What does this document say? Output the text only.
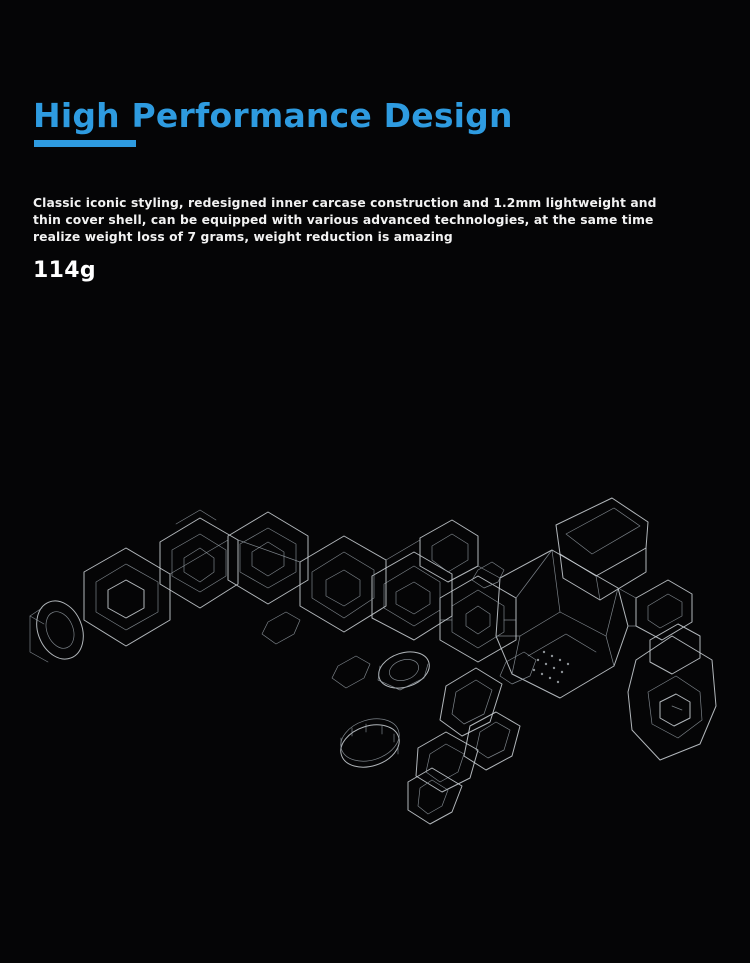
High Performance Design

Classic iconic styling, redesigned inner carcase construction and 1.2mm lightweight and thin cover shell, can be equipped with various advanced technologies, at the same time realize weight loss of 7 grams, weight reduction is amazing

114g
